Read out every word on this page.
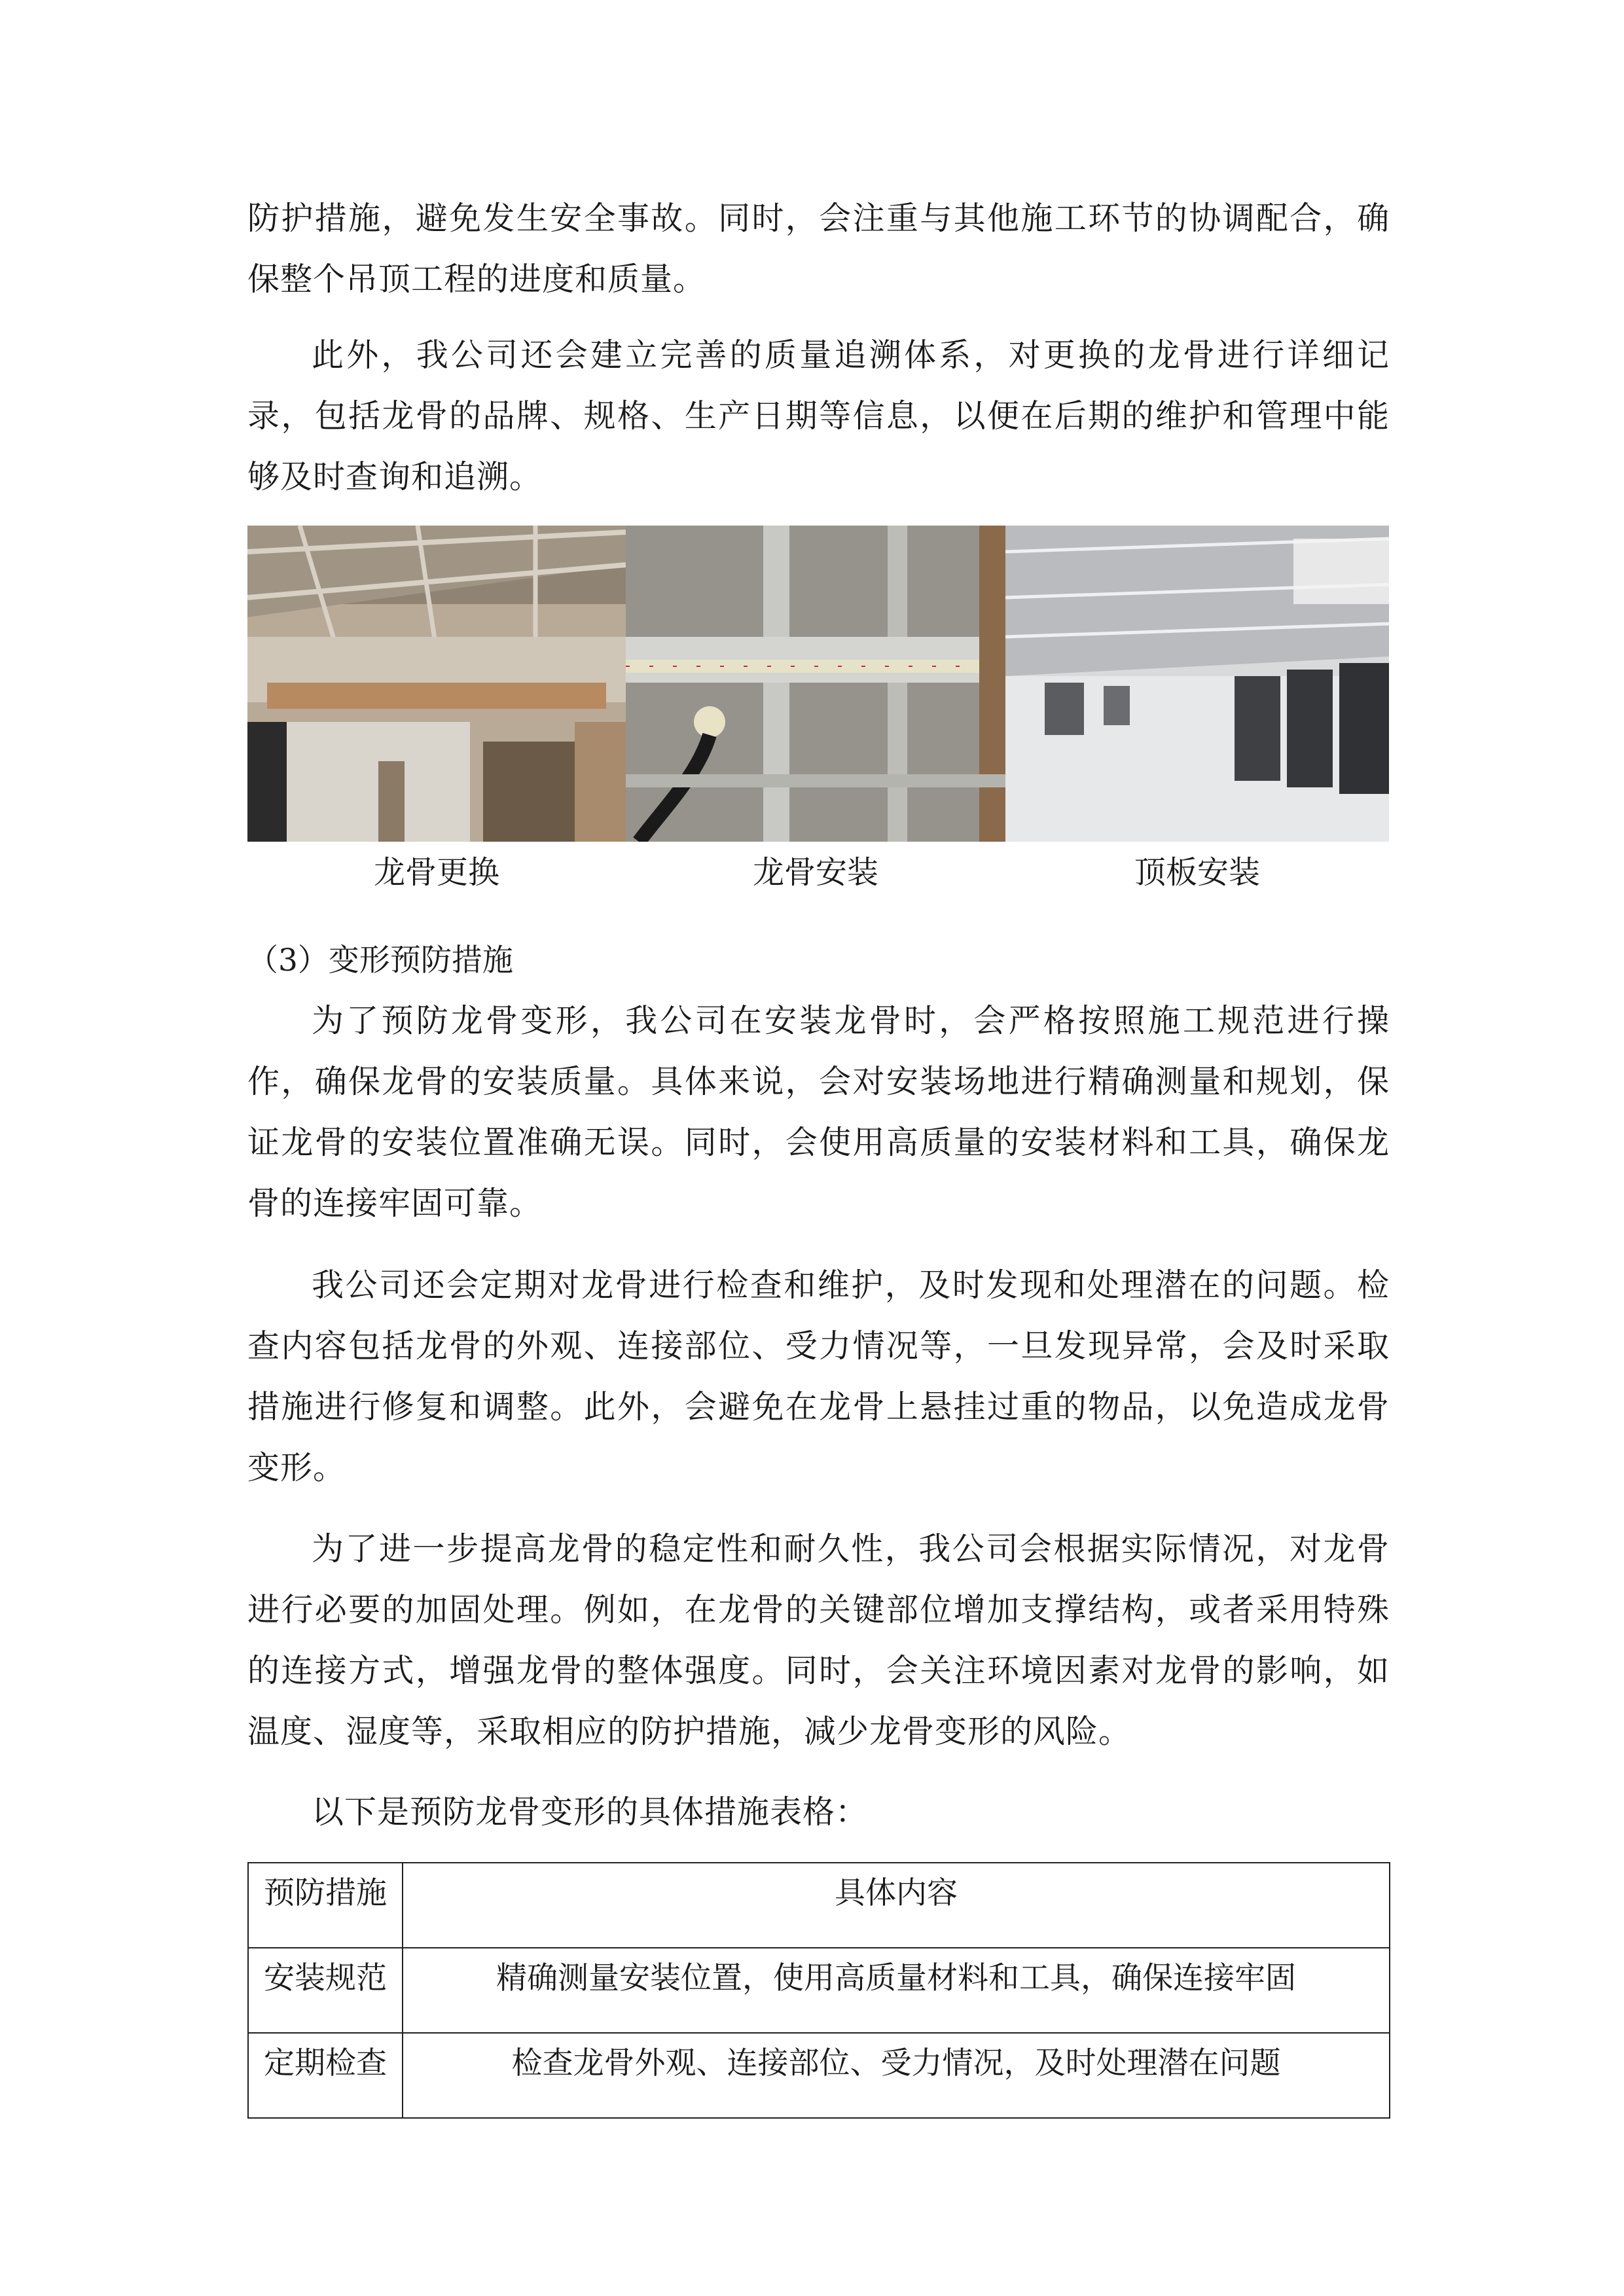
防护措施，避免发生安全事故。同时，会注重与其他施工环节的协调配合，确保整个吊顶工程的进度和质量。

此外，我公司还会建立完善的质量追溯体系，对更换的龙骨进行详细记录，包括龙骨的品牌、规格、生产日期等信息，以便在后期的维护和管理中能够及时查询和追溯。

龙骨更换	龙骨安装	顶板安装
（3）变形预防措施

为了预防龙骨变形，我公司在安装龙骨时，会严格按照施工规范进行操作，确保龙骨的安装质量。具体来说，会对安装场地进行精确测量和规划，保证龙骨的安装位置准确无误。同时，会使用高质量的安装材料和工具，确保龙骨的连接牢固可靠。

我公司还会定期对龙骨进行检查和维护，及时发现和处理潜在的问题。检查内容包括龙骨的外观、连接部位、受力情况等，一旦发现异常，会及时采取措施进行修复和调整。此外，会避免在龙骨上悬挂过重的物品，以免造成龙骨变形。

为了进一步提高龙骨的稳定性和耐久性，我公司会根据实际情况，对龙骨进行必要的加固处理。例如，在龙骨的关键部位增加支撑结构，或者采用特殊的连接方式，增强龙骨的整体强度。同时，会关注环境因素对龙骨的影响，如温度、湿度等，采取相应的防护措施，减少龙骨变形的风险。

以下是预防龙骨变形的具体措施表格：

预防措施	具体内容
安装规范	精确测量安装位置，使用高质量材料和工具，确保连接牢固
定期检查	检查龙骨外观、连接部位、受力情况，及时处理潜在问题
